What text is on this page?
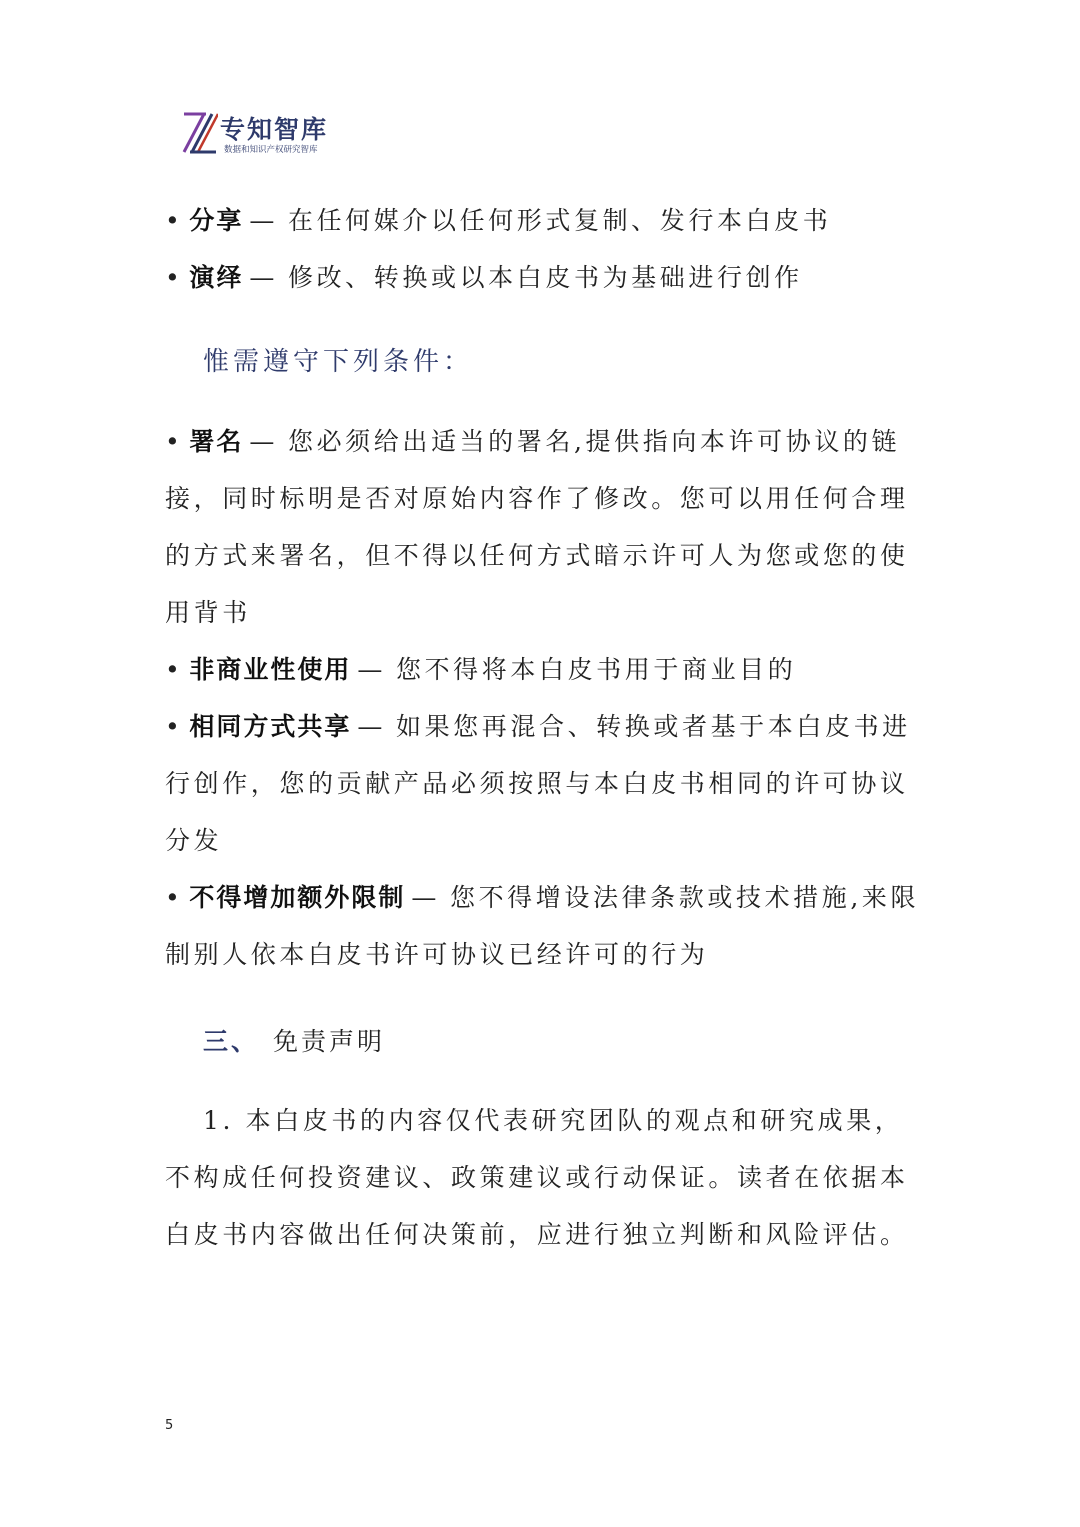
专知智库
数据和知识产权研究智库

• 分享 — 在任何媒介以任何形式复制、发行本白皮书

• 演绎 — 修改、转换或以本白皮书为基础进行创作

惟需遵守下列条件：

• 署名 — 您必须给出适当的署名,提供指向本许可协议的链接，同时标明是否对原始内容作了修改。您可以用任何合理的方式来署名，但不得以任何方式暗示许可人为您或您的使用背书

• 非商业性使用 — 您不得将本白皮书用于商业目的

• 相同方式共享 — 如果您再混合、转换或者基于本白皮书进行创作，您的贡献产品必须按照与本白皮书相同的许可协议分发

• 不得增加额外限制 — 您不得增设法律条款或技术措施,来限制别人依本白皮书许可协议已经许可的行为

三、 免责声明

1. 本白皮书的内容仅代表研究团队的观点和研究成果，不构成任何投资建议、政策建议或行动保证。读者在依据本白皮书内容做出任何决策前，应进行独立判断和风险评估。

5
